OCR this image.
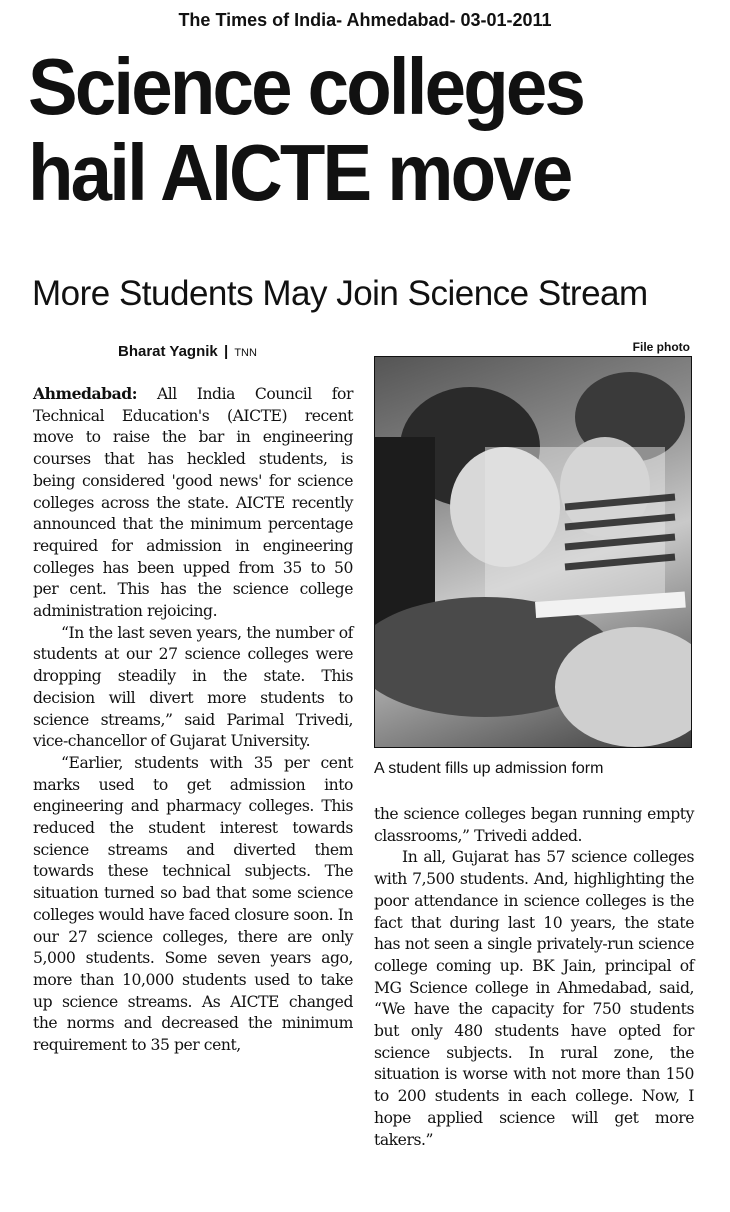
The Times of India- Ahmedabad- 03-01-2011
Science colleges
hail AICTE move
More Students May Join Science Stream
Bharat Yagnik | TNN

Ahmedabad: All India Council for Technical Education's (AICTE) recent move to raise the bar in engineering courses that has heckled students, is being considered 'good news' for science colleges across the state. AICTE recently announced that the minimum percentage required for admission in engineering colleges has been upped from 35 to 50 per cent. This has the science college administration rejoicing.

“In the last seven years, the number of students at our 27 science colleges were dropping steadily in the state. This decision will divert more students to science streams,” said Parimal Trivedi, vice-chancellor of Gujarat University.

“Earlier, students with 35 per cent marks used to get admission into engineering and pharmacy colleges. This reduced the student interest towards science streams and diverted them towards these technical subjects. The situation turned so bad that some science colleges would have faced closure soon. In our 27 science colleges, there are only 5,000 students. Some seven years ago, more than 10,000 students used to take up science streams. As AICTE changed the norms and decreased the minimum requirement to 35 per cent,

File photo
A student fills up admission form

the science colleges began running empty classrooms,” Trivedi added.

In all, Gujarat has 57 science colleges with 7,500 students. And, highlighting the poor attendance in science colleges is the fact that during last 10 years, the state has not seen a single privately-run science college coming up. BK Jain, principal of MG Science college in Ahmedabad, said, “We have the capacity for 750 students but only 480 students have opted for science subjects. In rural zone, the situation is worse with not more than 150 to 200 students in each college. Now, I hope applied science will get more takers.”
